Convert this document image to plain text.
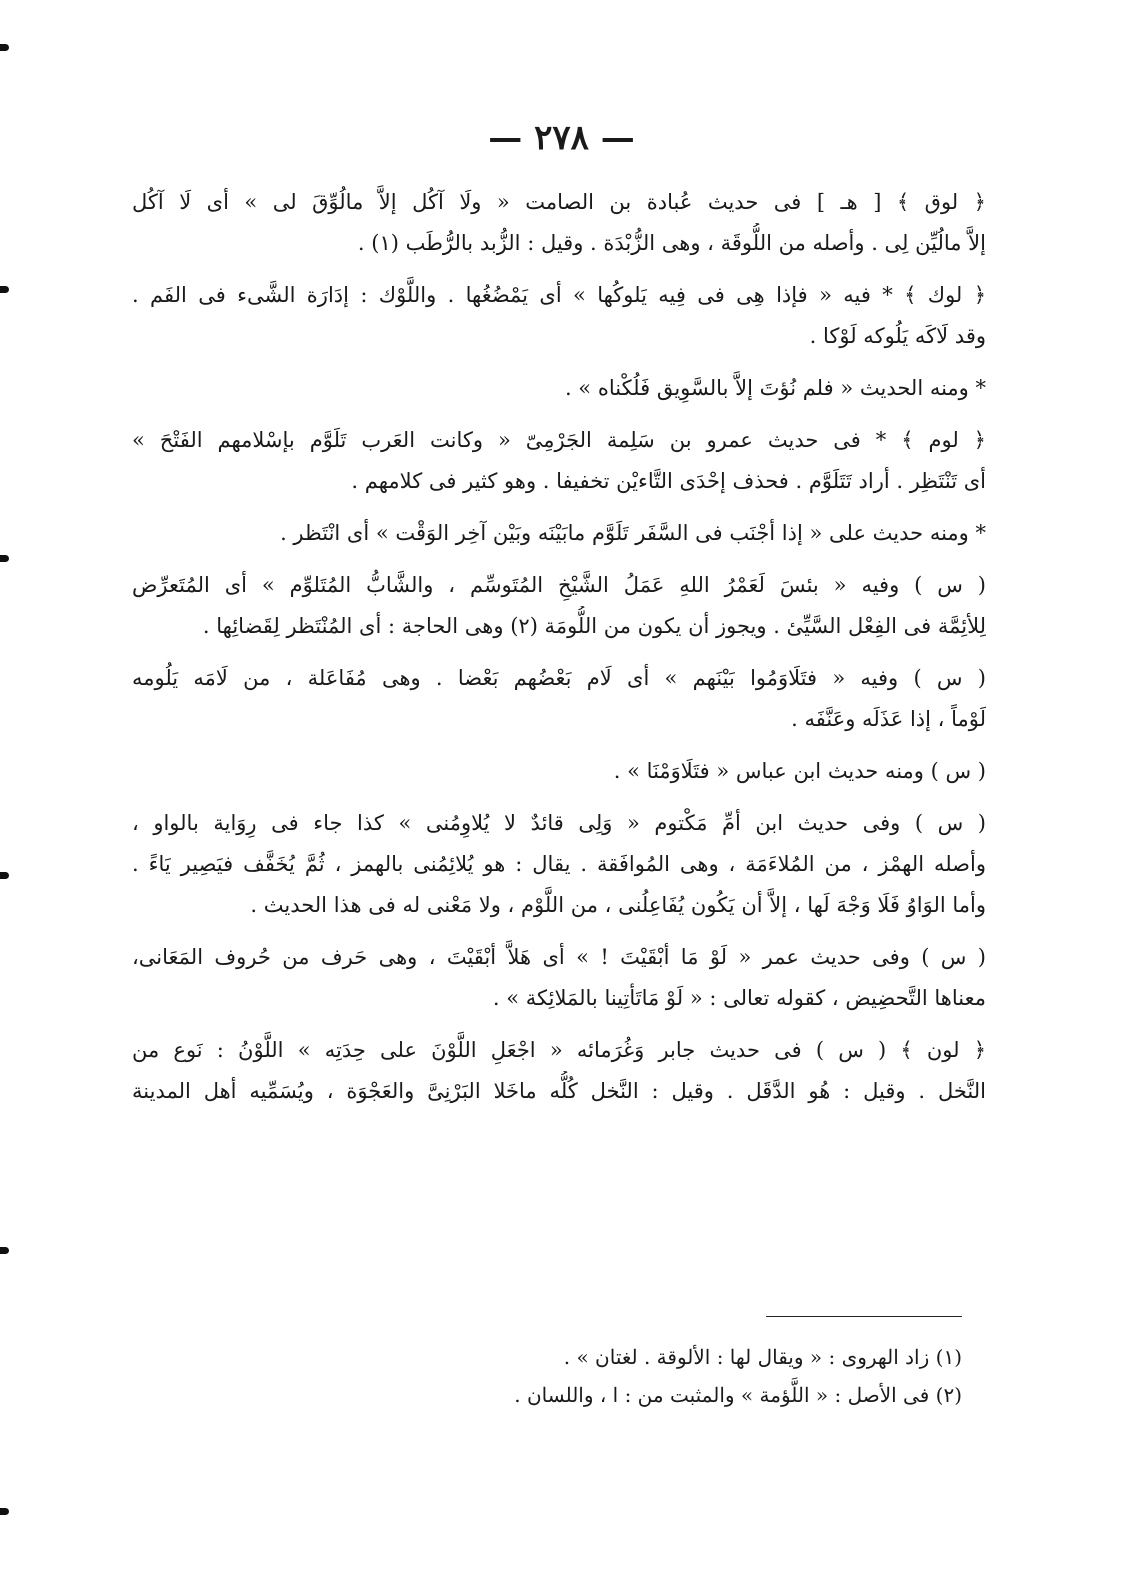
— ٢٧٨ —
﴿ لوق ﴾ [ هـ ] فى حديث عُبادة بن الصامت « ولَا آكُل إلاَّ مالُوِّقَ لى » أى لَا آكُل
إلاَّ مالُيِّن لِى . وأصله من اللُّوقَة ، وهى الزُّبْدَة . وقيل : الزُّبد بالرُّطَب (١) .
﴿ لوك ﴾ * فيه « فإذا هِى فى فِيه يَلوكُها » أى يَمْضُغُها . واللَّوْك : إدَارَة الشَّىء فى الفَم .
وقد لَاكَه يَلُوكه لَوْكا .
* ومنه الحديث « فلم نُؤتَ إلاَّ بالسَّوِيق فَلُكْناه » .
﴿ لوم ﴾ * فى حديث عمرو بن سَلِمة الجَرْمِىّ « وكانت العَرب تَلَوَّم بإسْلامهم الفَتْحَ »
أى تَنْتَظِر . أراد تَتَلَوَّم . فحذف إحْدَى التَّاءيْن تخفيفا . وهو كثير فى كلامهم .
* ومنه حديث على « إذا أجْنَب فى السَّفَر تَلَوَّم مابَيْنَه وبَيْن آخِر الوَقْت » أى انْتَظر .
( س ) وفيه « بئسَ لَعَمْرُ اللهِ عَمَلُ الشَّيْخِ المُتَوسِّم ، والشَّابُّ المُتَلوِّم » أى المُتَعرِّض
لِلأئِمَّة فى الفِعْل السَّيِّئ . ويجوز أن يكون من اللُّومَة (٢) وهى الحاجة : أى المُنْتَظر لِقَضائِها .
( س ) وفيه « فتَلَاوَمُوا بَيْنَهم » أى لَام بَعْضُهم بَعْضا . وهى مُفَاعَلة ، من لَامَه يَلُومه
لَوْماً ، إذا عَذَلَه وعَنَّفَه .
( س ) ومنه حديث ابن عباس « فتَلَاوَمْنَا » .
( س ) وفى حديث ابن أمِّ مَكْتوم « وَلِى قائدٌ لا يُلاوِمُنى » كذا جاء فى رِوَاية بالواو ،
وأصله الهمْز ، من المُلاءَمَة ، وهى المُوافَقة . يقال : هو يُلائِمُنى بالهمز ، ثُمَّ يُخَفَّف فيَصِير يَاءً .
وأما الوَاوُ فَلَا وَجْهَ لَها ، إلاَّ أن يَكُون يُفَاعِلُنى ، من اللَّوْم ، ولا مَعْنى له فى هذا الحديث .
( س ) وفى حديث عمر « لَوْ مَا أبْقَيْتَ ! » أى هَلاَّ أبْقَيْتَ ، وهى حَرف من حُروف المَعَانى،
معناها التَّحضِيض ، كقوله تعالى : « لَوْ مَاتَأتِينا بالمَلائِكة » .
﴿ لون ﴾ ( س ) فى حديث جابر وَغُرَمائه « اجْعَلِ اللَّوْنَ على حِدَتِه » اللَّوْنُ : نَوع من
النَّخل . وقيل : هُو الدَّقَل . وقيل : النَّخل كُلُّه ماخَلا البَرْنِىَّ والعَجْوَة ، ويُسَمِّيه أهل المدينة
(١) زاد الهروى : « ويقال لها : الألوقة . لغتان » .
(٢) فى الأصل : « اللَّؤمة » والمثبت من : ا ، واللسان .
